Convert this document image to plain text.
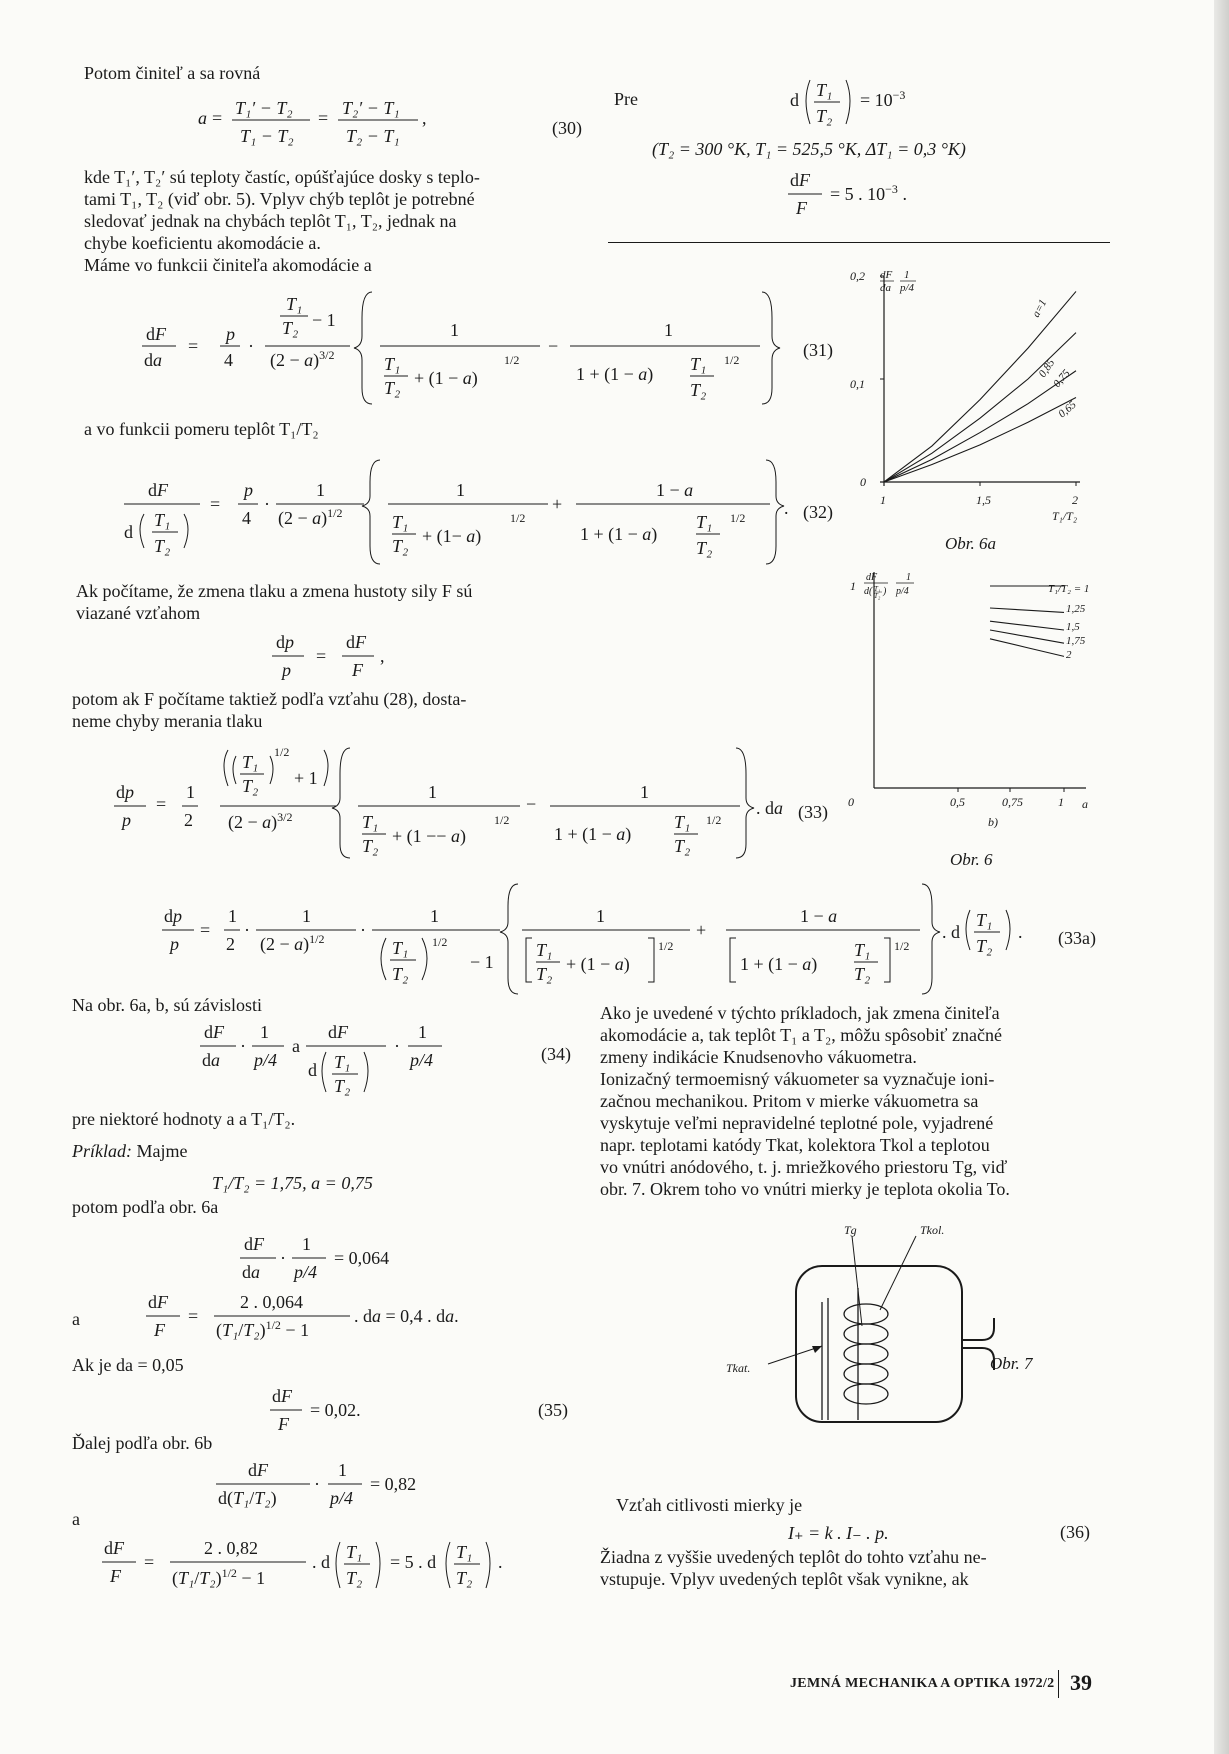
Potom činiteľ a sa rovná
a = T₁′ − T₂
T₁ − T₂
= T₂′ − T₁
T₂ − T₁
,	(30)
kde T₁′, T₂′ sú teploty častíc, opúšťajúce dosky s teplo-
tami T₁, T₂ (viď obr. 5). Vplyv chýb teplôt je potrebné
sledovať jednak na chybách teplôt T₁, T₂, jednak na
chybe koeficientu akomodácie a.
Máme vo funkcii činiteľa akomodácie a
dF
da
=
p
4
·
T₁
T₂ − 1
$(2 - a)^{3/2}$
1
T₁
T₂ + (1 − a)
1/2
−
1
1 + (1 − a) T₁
T₂
1/2	(31)
a vo funkcii pomeru teplôt T₁/T₂
dF
d
T₁
T₂
=
p
4
·
1
$(2 - a)^{1/2}$
1
T₁
T₂ + (1− a)
1/2
+
1 − a
1 + (1 − a)
T₁
T₂
1/2 . (32)
Ak počítame, že zmena tlaku a zmena hustoty sily F sú
viazané vzťahom
dp
p
=
dF
F
,
potom ak F počítame taktiež podľa vzťahu (28), dosta-
neme chyby merania tlaku
dp
p
=
1
2
T₁
T₂
1/2
+ 1
$(2 - a)^{3/2}$
1
T₁
T₂ + (1 −− a)
1/2
−
1
1 + (1 − a)
T₁
T₂
1/2
. da (33)
dp
p
=
1
2
·
1
$(2 - a)^{1/2}$ ·
1
T₁
T₂
1/2
− 1
1
T₁
T₂ + (1 − a)
1/2
+
1 − a
1 + (1 − a)
T₁
T₂
1/2
. d
T₁
T₂
. (33a)
Na obr. 6a, b, sú závislosti
dF
da
·
1
p/4
a
dF
d T₁
T₂
·
1
p/4	(34)
pre niektoré hodnoty a a T₁/T₂.
Príklad: Majme
T₁/T₂ = 1,75, a = 0,75
potom podľa obr. 6a
dF
da
·
1
p/4
= 0,064
a
dF
F
=
2 . 0,064
$(T_1/T_2)^{1/2} - 1$
. da = 0,4 . da.
Ak je da = 0,05
dF
F
= 0,02.	(35)
Ďalej podľa obr. 6b
dF
d(T₁/T₂)
·
1
p/4
= 0,82
a
dF
F
=
2 . 0,82
$(T_1/T_2)^{1/2} - 1$
. d T₁
T₂
= 5 . d T₁
T₂
.
Pre	d T₁
T₂
= $10^{-3}$
(T₂ = 300 °K, T₁ = 525,5 °K, ΔT₁ = 0,3 °K)
dF
F
= 5 . $10^{-3}$ .
dF
da
1
p/4
0,2
0,1
0
1	1,5	2
T₁/T₂
a=1
0,85
0,75
0,65
Obr. 6a
1
dF
d( T₁
T₂ )
1
p/4
0	0,5	0,75	1 a
b)
T₁/T₂ = 1
1,25
1,5
1,75
2
Obr. 6
Ako je uvedené v týchto príkladoch, jak zmena činiteľa
akomodácie a, tak teplôt T₁ a T₂, môžu spôsobiť značné
zmeny indikácie Knudsenovho vákuometra.
Ionizačný termoemisný vákuometer sa vyznačuje ioni-
začnou mechanikou. Pritom v mierke vákuometra sa
vyskytuje veľmi nepravidelné teplotné pole, vyjadrené
napr. teplotami katódy Tkat, kolektora Tkol a teplotou
vo vnútri anódového, t. j. mriežkového priestoru Tg, viď
obr. 7. Okrem toho vo vnútri mierky je teplota okolia To.
Tg	Tkol.
Tkat.	Obr. 7
Vzťah citlivosti mierky je
I₊ = k . I₋ . p.	(36)
Žiadna z vyššie uvedených teplôt do tohto vzťahu ne-
vstupuje. Vplyv uvedených teplôt však vynikne, ak
JEMNÁ MECHANIKA A OPTIKA 1972/2 39
